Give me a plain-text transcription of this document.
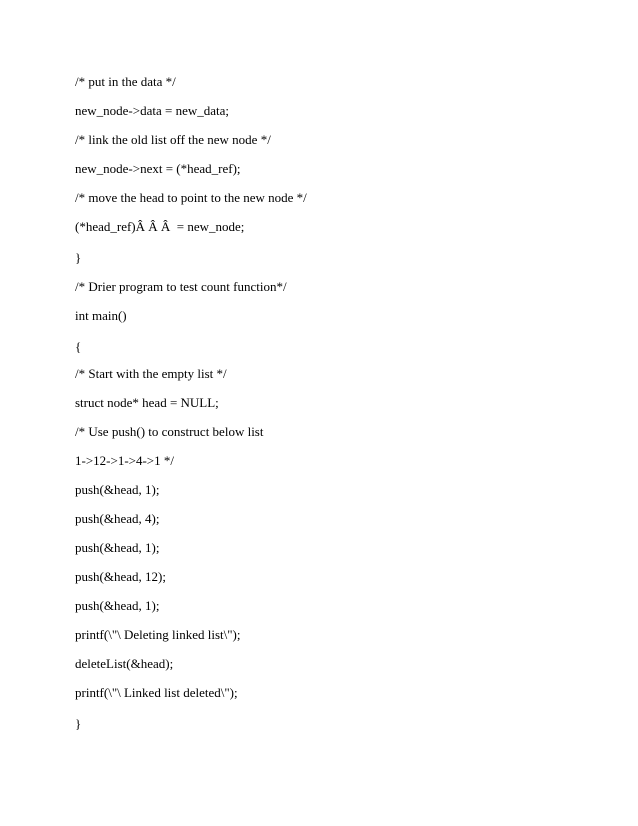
/* put in the data */
new_node->data = new_data;
/* link the old list off the new node */
new_node->next = (*head_ref);
/* move the head to point to the new node */
(*head_ref)Â Â Â  = new_node;
}
/* Drier program to test count function*/
int main()
{
/* Start with the empty list */
struct node* head = NULL;
/* Use push() to construct below list
1->12->1->4->1 */
push(&head, 1);
push(&head, 4);
push(&head, 1);
push(&head, 12);
push(&head, 1);
printf(\"\ Deleting linked list\");
deleteList(&head);
printf(\"\ Linked list deleted\");
}
